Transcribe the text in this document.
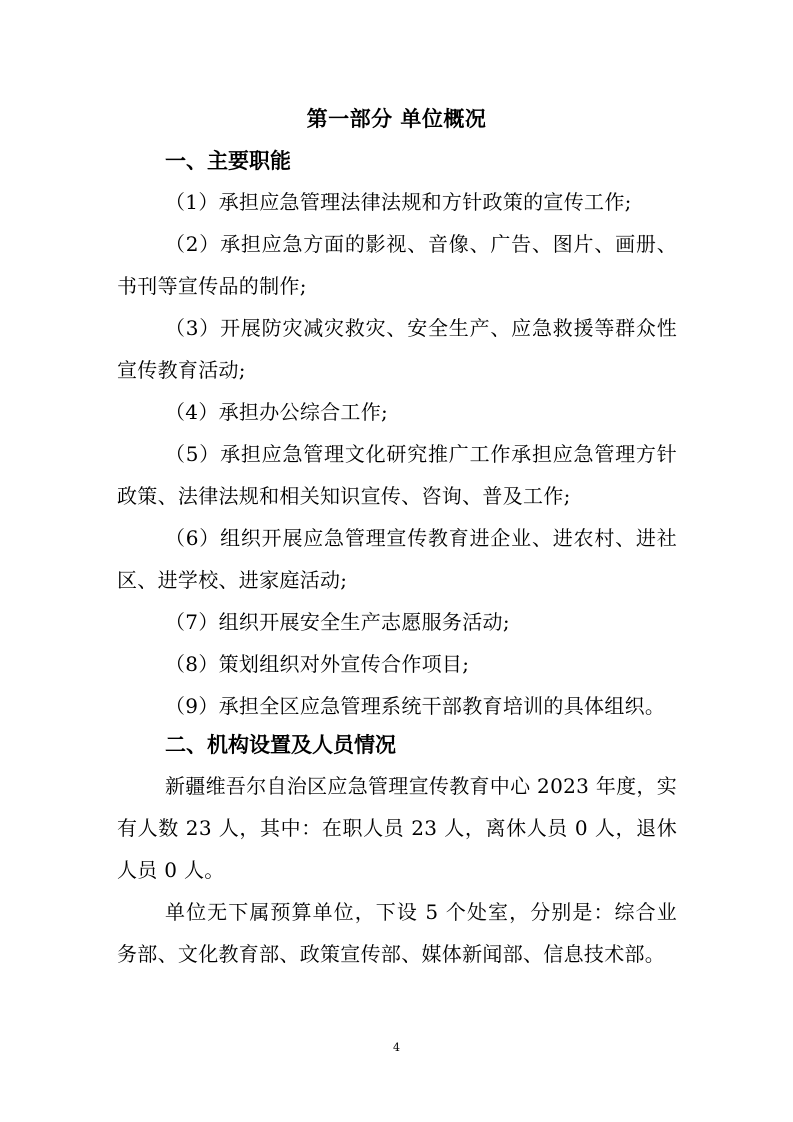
第一部分 单位概况
一、主要职能
（1）承担应急管理法律法规和方针政策的宣传工作;
（2）承担应急方面的影视、音像、广告、图片、画册、书刊等宣传品的制作;
（3）开展防灾减灾救灾、安全生产、应急救援等群众性宣传教育活动;
（4）承担办公综合工作;
（5）承担应急管理文化研究推广工作承担应急管理方针政策、法律法规和相关知识宣传、咨询、普及工作;
（6）组织开展应急管理宣传教育进企业、进农村、进社区、进学校、进家庭活动;
（7）组织开展安全生产志愿服务活动;
（8）策划组织对外宣传合作项目;
（9）承担全区应急管理系统干部教育培训的具体组织。
二、机构设置及人员情况
新疆维吾尔自治区应急管理宣传教育中心 2023 年度，实有人数 23 人，其中：在职人员 23 人，离休人员 0 人，退休人员 0 人。
单位无下属预算单位，下设 5 个处室，分别是：综合业务部、文化教育部、政策宣传部、媒体新闻部、信息技术部。
4
